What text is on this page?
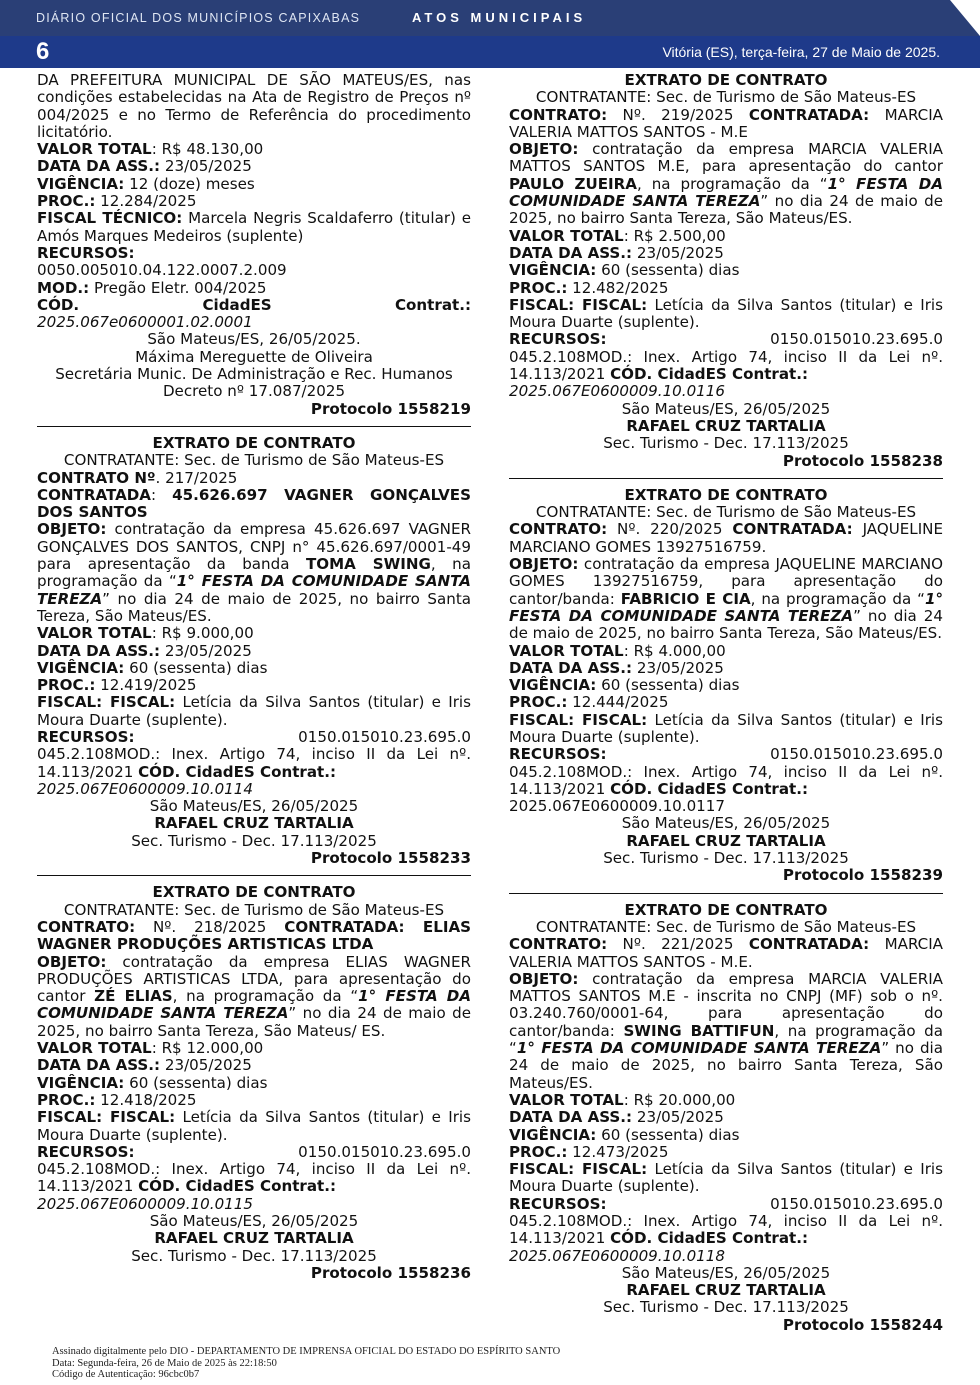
DIÁRIO OFICIAL DOS MUNICÍPIOS CAPIXABAS	ATOS MUNICIPAIS
6	Vitória (ES), terça-feira, 27 de Maio de 2025.

DA PREFEITURA MUNICIPAL DE SÃO MATEUS/ES, nas condições estabelecidas na Ata de Registro de Preços nº 004/2025 e no Termo de Referência do procedimento licitatório.

VALOR TOTAL: R$ 48.130,00

DATA DA ASS.: 23/05/2025

VIGÊNCIA: 12 (doze) meses

PROC.: 12.284/2025

FISCAL TÉCNICO: Marcela Negris Scaldaferro (titular) e Amós Marques Medeiros (suplente)

RECURSOS:

0050.005010.04.122.0007.2.009

MOD.: Pregão Eletr. 004/2025

CÓD.	CidadES	Contrat.:

2025.067e0600001.02.0001

São Mateus/ES, 26/05/2025.

Máxima Mereguette de Oliveira

Secretária Munic. De Administração e Rec. Humanos

Decreto nº 17.087/2025

Protocolo 1558219

EXTRATO DE CONTRATO

CONTRATANTE: Sec. de Turismo de São Mateus-ES

CONTRATO Nº. 217/2025

CONTRATADA: 45.626.697 VAGNER GONÇALVES DOS SANTOS

OBJETO: contratação da empresa 45.626.697 VAGNER GONÇALVES DOS SANTOS, CNPJ n° 45.626.697/0001-49 para apresentação da banda TOMA SWING, na programação da “1° FESTA DA COMUNIDADE SANTA TEREZA” no dia 24 de maio de 2025, no bairro Santa Tereza, São Mateus/ES.

VALOR TOTAL: R$ 9.000,00

DATA DA ASS.: 23/05/2025

VIGÊNCIA: 60 (sessenta) dias

PROC.: 12.419/2025

FISCAL: FISCAL: Letícia da Silva Santos (titular) e Iris Moura Duarte (suplente).

RECURSOS:	0150.015010.23.695.0

045.2.108MOD.: Inex. Artigo 74, inciso II da Lei nº. 14.113/2021 CÓD. CidadES Contrat.:

2025.067E0600009.10.0114

São Mateus/ES, 26/05/2025

RAFAEL CRUZ TARTALIA

Sec. Turismo - Dec. 17.113/2025

Protocolo 1558233

EXTRATO DE CONTRATO

CONTRATANTE: Sec. de Turismo de São Mateus-ES

CONTRATO: Nº. 218/2025 CONTRATADA: ELIAS WAGNER PRODUÇÕES ARTISTICAS LTDA

OBJETO: contratação da empresa ELIAS WAGNER PRODUÇÕES ARTISTICAS LTDA, para apresentação do cantor ZÉ ELIAS, na programação da “1° FESTA DA COMUNIDADE SANTA TEREZA” no dia 24 de maio de 2025, no bairro Santa Tereza, São Mateus/ ES.

VALOR TOTAL: R$ 12.000,00

DATA DA ASS.: 23/05/2025

VIGÊNCIA: 60 (sessenta) dias

PROC.: 12.418/2025

FISCAL: FISCAL: Letícia da Silva Santos (titular) e Iris Moura Duarte (suplente).

RECURSOS:	0150.015010.23.695.0

045.2.108MOD.: Inex. Artigo 74, inciso II da Lei nº. 14.113/2021 CÓD. CidadES Contrat.:

2025.067E0600009.10.0115

São Mateus/ES, 26/05/2025

RAFAEL CRUZ TARTALIA

Sec. Turismo - Dec. 17.113/2025

Protocolo 1558236

EXTRATO DE CONTRATO

CONTRATANTE: Sec. de Turismo de São Mateus-ES

CONTRATO: Nº. 219/2025 CONTRATADA: MARCIA VALERIA MATTOS SANTOS - M.E

OBJETO: contratação da empresa MARCIA VALERIA MATTOS SANTOS M.E, para apresentação do cantor PAULO ZUEIRA, na programação da “1° FESTA DA COMUNIDADE SANTA TEREZA” no dia 24 de maio de 2025, no bairro Santa Tereza, São Mateus/ES.

VALOR TOTAL: R$ 2.500,00

DATA DA ASS.: 23/05/2025

VIGÊNCIA: 60 (sessenta) dias

PROC.: 12.482/2025

FISCAL: FISCAL: Letícia da Silva Santos (titular) e Iris Moura Duarte (suplente).

RECURSOS:	0150.015010.23.695.0

045.2.108MOD.: Inex. Artigo 74, inciso II da Lei nº. 14.113/2021 CÓD. CidadES Contrat.:

2025.067E0600009.10.0116

São Mateus/ES, 26/05/2025

RAFAEL CRUZ TARTALIA

Sec. Turismo - Dec. 17.113/2025

Protocolo 1558238

EXTRATO DE CONTRATO

CONTRATANTE: Sec. de Turismo de São Mateus-ES

CONTRATO: Nº. 220/2025 CONTRATADA: JAQUELINE MARCIANO GOMES 13927516759.

OBJETO: contratação da empresa JAQUELINE MARCIANO GOMES 13927516759, para apresentação do cantor/banda: FABRICIO E CIA, na programação da “1° FESTA DA COMUNIDADE SANTA TEREZA” no dia 24 de maio de 2025, no bairro Santa Tereza, São Mateus/ES.

VALOR TOTAL: R$ 4.000,00

DATA DA ASS.: 23/05/2025

VIGÊNCIA: 60 (sessenta) dias

PROC.: 12.444/2025

FISCAL: FISCAL: Letícia da Silva Santos (titular) e Iris Moura Duarte (suplente).

RECURSOS:	0150.015010.23.695.0

045.2.108MOD.: Inex. Artigo 74, inciso II da Lei nº. 14.113/2021 CÓD. CidadES Contrat.:

2025.067E0600009.10.0117

São Mateus/ES, 26/05/2025

RAFAEL CRUZ TARTALIA

Sec. Turismo - Dec. 17.113/2025

Protocolo 1558239

EXTRATO DE CONTRATO

CONTRATANTE: Sec. de Turismo de São Mateus-ES

CONTRATO: Nº. 221/2025 CONTRATADA: MARCIA VALERIA MATTOS SANTOS - M.E.

OBJETO: contratação da empresa MARCIA VALERIA MATTOS SANTOS M.E - inscrita no CNPJ (MF) sob o nº. 03.240.760/0001-64, para apresentação do cantor/banda: SWING BATTIFUN, na programação da “1° FESTA DA COMUNIDADE SANTA TEREZA” no dia 24 de maio de 2025, no bairro Santa Tereza, São Mateus/ES.

VALOR TOTAL: R$ 20.000,00

DATA DA ASS.: 23/05/2025

VIGÊNCIA: 60 (sessenta) dias

PROC.: 12.473/2025

FISCAL: FISCAL: Letícia da Silva Santos (titular) e Iris Moura Duarte (suplente).

RECURSOS:	0150.015010.23.695.0

045.2.108MOD.: Inex. Artigo 74, inciso II da Lei nº. 14.113/2021 CÓD. CidadES Contrat.:

2025.067E0600009.10.0118

São Mateus/ES, 26/05/2025

RAFAEL CRUZ TARTALIA

Sec. Turismo - Dec. 17.113/2025

Protocolo 1558244

Assinado digitalmente pelo DIO - DEPARTAMENTO DE IMPRENSA OFICIAL DO ESTADO DO ESPÍRITO SANTO
Data: Segunda-feira, 26 de Maio de 2025 às 22:18:50
Código de Autenticação: 96cbc0b7
